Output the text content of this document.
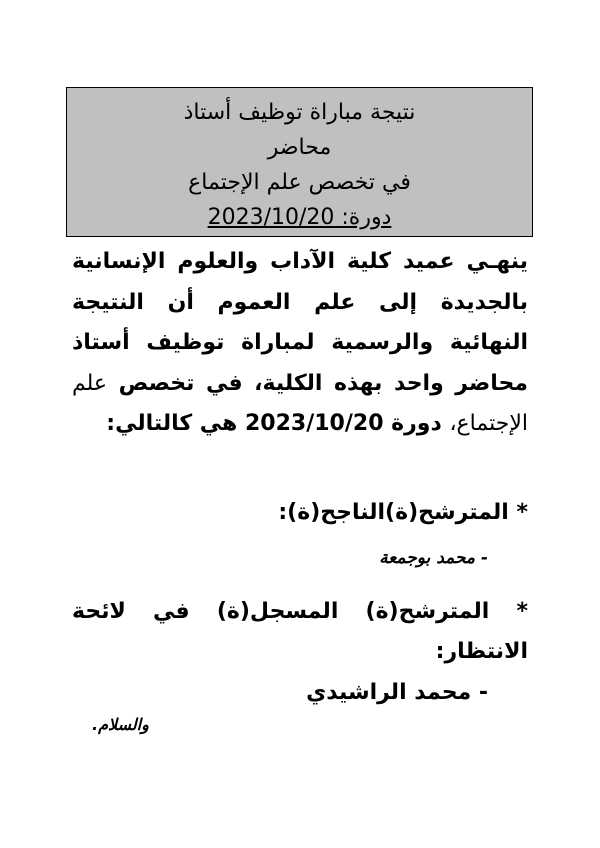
نتيجة مباراة توظيف أستاذ
محاضر
في تخصص علم الإجتماع
دورة: 2023/10/20

ينهـي عميد كلية الآداب والعلوم الإنسانية بالجديدة إلى علم العموم أن النتيجة النهائية والرسمية لمباراة توظيف أستاذ محاضر واحد بهذه الكلية، في تخصص علم الإجتماع، دورة 2023/10/20 هي كالتالي:

* المترشح(ة)الناجح(ة):

- محمد بوجمعة

* المترشح(ة) المسجل(ة) في لائحة الانتظار:

- محمد الراشيدي

والسلام.
